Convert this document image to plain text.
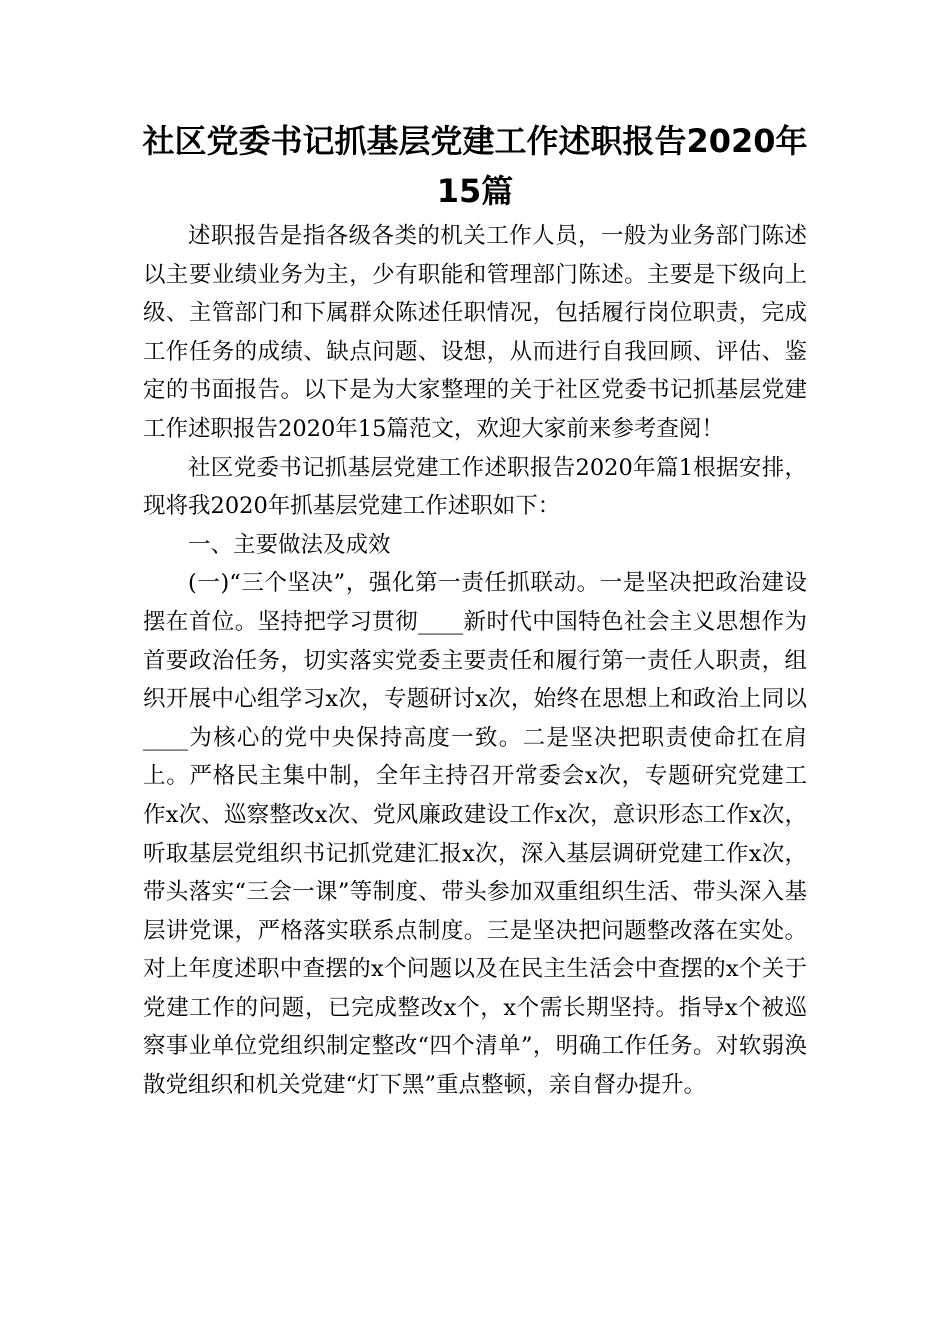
社区党委书记抓基层党建工作述职报告2020年15篇

述职报告是指各级各类的机关工作人员，一般为业务部门陈述以主要业绩业务为主，少有职能和管理部门陈述。主要是下级向上级、主管部门和下属群众陈述任职情况，包括履行岗位职责，完成工作任务的成绩、缺点问题、设想，从而进行自我回顾、评估、鉴定的书面报告。以下是为大家整理的关于社区党委书记抓基层党建工作述职报告2020年15篇范文，欢迎大家前来参考查阅！

社区党委书记抓基层党建工作述职报告2020年篇1根据安排，现将我2020年抓基层党建工作述职如下：

一、主要做法及成效

(一)“三个坚决”，强化第一责任抓联动。一是坚决把政治建设摆在首位。坚持把学习贯彻____新时代中国特色社会主义思想作为首要政治任务，切实落实党委主要责任和履行第一责任人职责，组织开展中心组学习x次，专题研讨x次，始终在思想上和政治上同以____为核心的党中央保持高度一致。二是坚决把职责使命扛在肩上。严格民主集中制，全年主持召开常委会x次，专题研究党建工作x次、巡察整改x次、党风廉政建设工作x次，意识形态工作x次，听取基层党组织书记抓党建汇报x次，深入基层调研党建工作x次，带头落实“三会一课”等制度、带头参加双重组织生活、带头深入基层讲党课，严格落实联系点制度。三是坚决把问题整改落在实处。对上年度述职中查摆的x个问题以及在民主生活会中查摆的x个关于党建工作的问题，已完成整改x个，x个需长期坚持。指导x个被巡察事业单位党组织制定整改“四个清单”，明确工作任务。对软弱涣散党组织和机关党建“灯下黑”重点整顿，亲自督办提升。
